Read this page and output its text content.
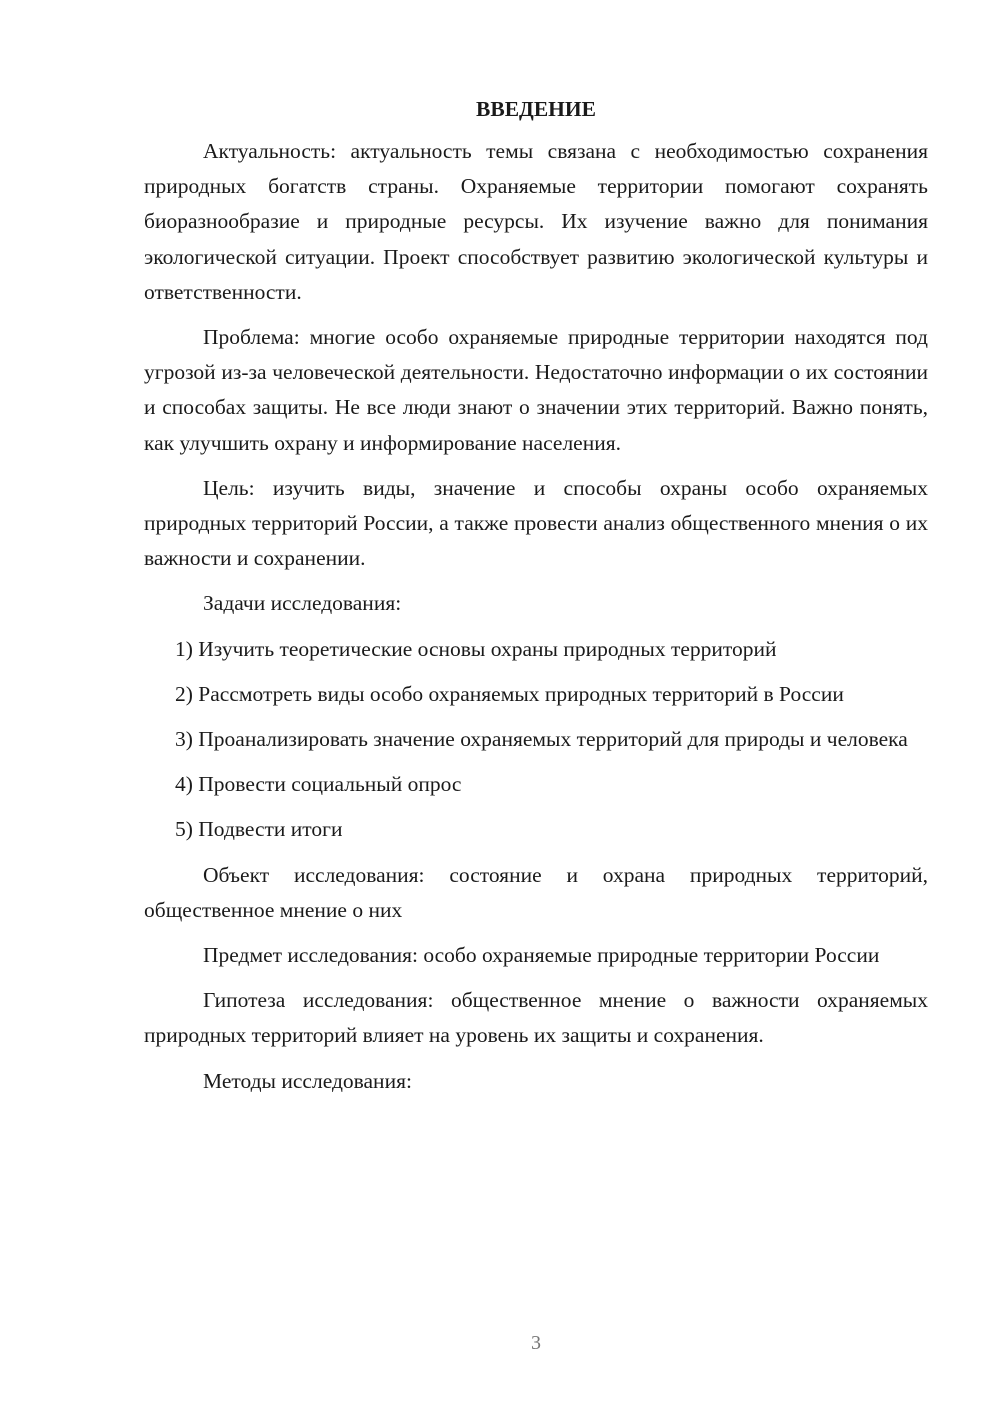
ВВЕДЕНИЕ

Актуальность: актуальность темы связана с необходимостью сохранения природных богатств страны. Охраняемые территории помогают сохранять биоразнообразие и природные ресурсы. Их изучение важно для понимания экологической ситуации. Проект способствует развитию экологической культуры и ответственности.

Проблема: многие особо охраняемые природные территории находятся под угрозой из-за человеческой деятельности. Недостаточно информации о их состоянии и способах защиты. Не все люди знают о значении этих территорий. Важно понять, как улучшить охрану и информирование населения.

Цель: изучить виды, значение и способы охраны особо охраняемых природных территорий России, а также провести анализ общественного мнения о их важности и сохранении.

Задачи исследования:

1) Изучить теоретические основы охраны природных территорий

2) Рассмотреть виды особо охраняемых природных территорий в России

3) Проанализировать значение охраняемых территорий для природы и человека

4) Провести социальный опрос

5) Подвести итоги

Объект исследования: состояние и охрана природных территорий, общественное мнение о них

Предмет исследования: особо охраняемые природные территории России

Гипотеза исследования: общественное мнение о важности охраняемых природных территорий влияет на уровень их защиты и сохранения.

Методы исследования:

3
